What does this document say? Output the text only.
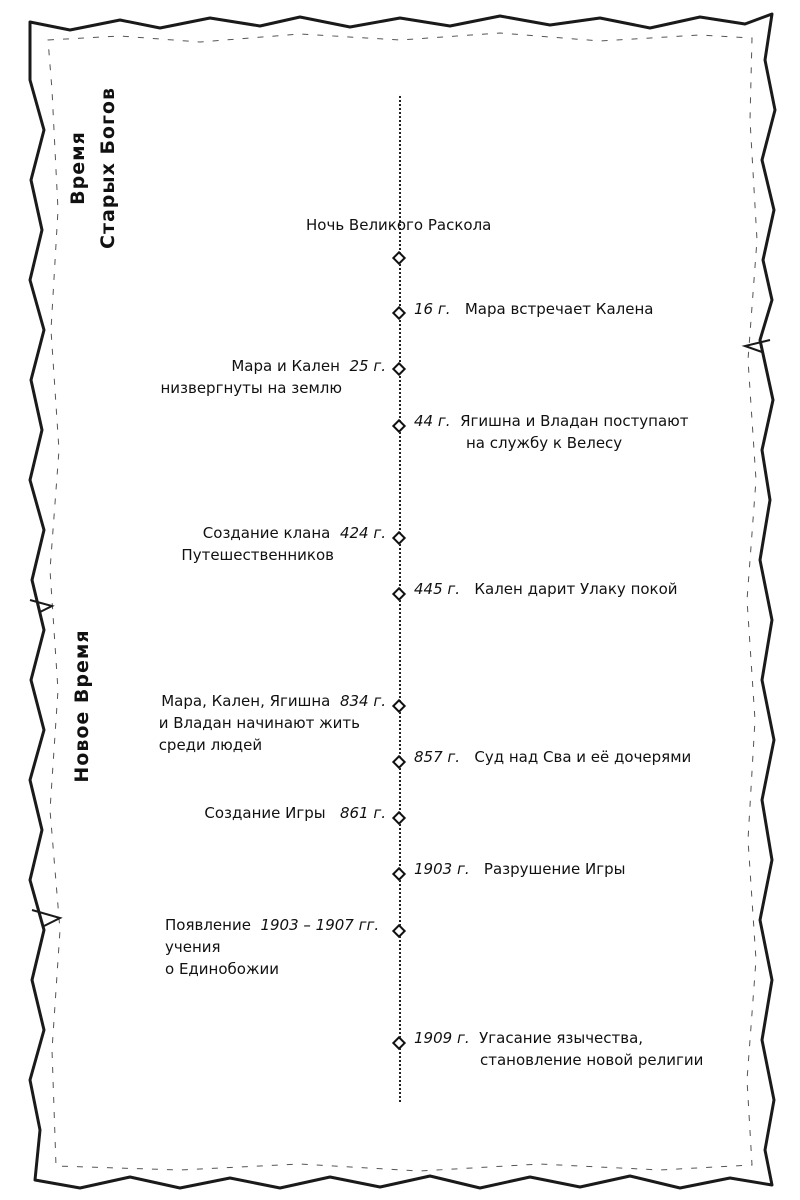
Время Старых Богов
Новое Время
Ночь Великого Раскола
16 г. Мара встречает Калена
Мара и Кален 25 г.
низвергнуты на землю
44 г. Ягишна и Владан поступают
на службу к Велесу
Создание клана 424 г.
Путешественников
445 г. Кален дарит Улаку покой
Мара, Кален, Ягишна 834 г.
и Владан начинают жить
среди людей
857 г. Суд над Сва и её дочерями
Создание Игры 861 г.
1903 г. Разрушение Игры
Появление 1903 – 1907 гг.
учения
о Единобожии
1909 г. Угасание язычества,
становление новой религии
